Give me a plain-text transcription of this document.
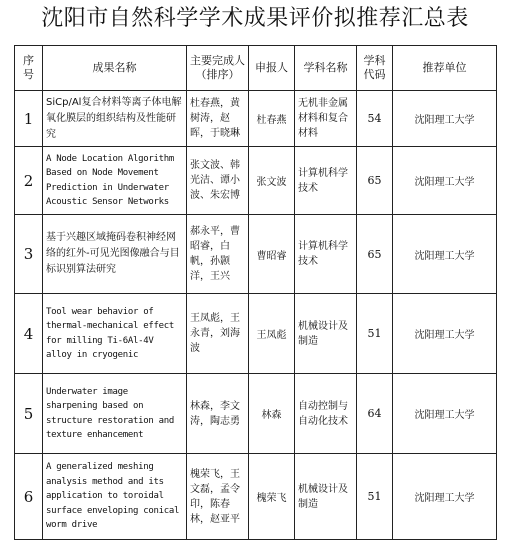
沈阳市自然科学学术成果评价拟推荐汇总表
序号	成果名称	主要完成人（排序）	申报人	学科名称	学科代码	推荐单位
1	SiCp/Al复合材料等离子体电解氧化膜层的组织结构及性能研究	杜春燕，黄树涛，赵晖，于晓琳	杜春燕	无机非金属材料和复合材料	54	沈阳理工大学
2	A Node Location Algorithm Based on Node Movement Prediction in Underwater Acoustic Sensor Networks	张文波、韩光洁、谭小波、朱宏博	张文波	计算机科学技术	65	沈阳理工大学
3	基于兴趣区域掩码卷积神经网络的红外-可见光图像融合与目标识别算法研究	郝永平，曹昭睿，白帆，孙颢洋，王兴	曹昭睿	计算机科学技术	65	沈阳理工大学
4	Tool wear behavior of thermal-mechanical effect for milling Ti-6Al-4V alloy in cryogenic	王凤彪，王永青，刘海波	王凤彪	机械设计及制造	51	沈阳理工大学
5	Underwater image sharpening based on structure restoration and texture enhancement	林森，李文涛，陶志勇	林森	自动控制与自动化技术	64	沈阳理工大学
6	A generalized meshing analysis method and its application to toroidal surface enveloping conical worm drive	槐荣飞，王文磊，孟令印，陈春林，赵亚平	槐荣飞	机械设计及制造	51	沈阳理工大学
